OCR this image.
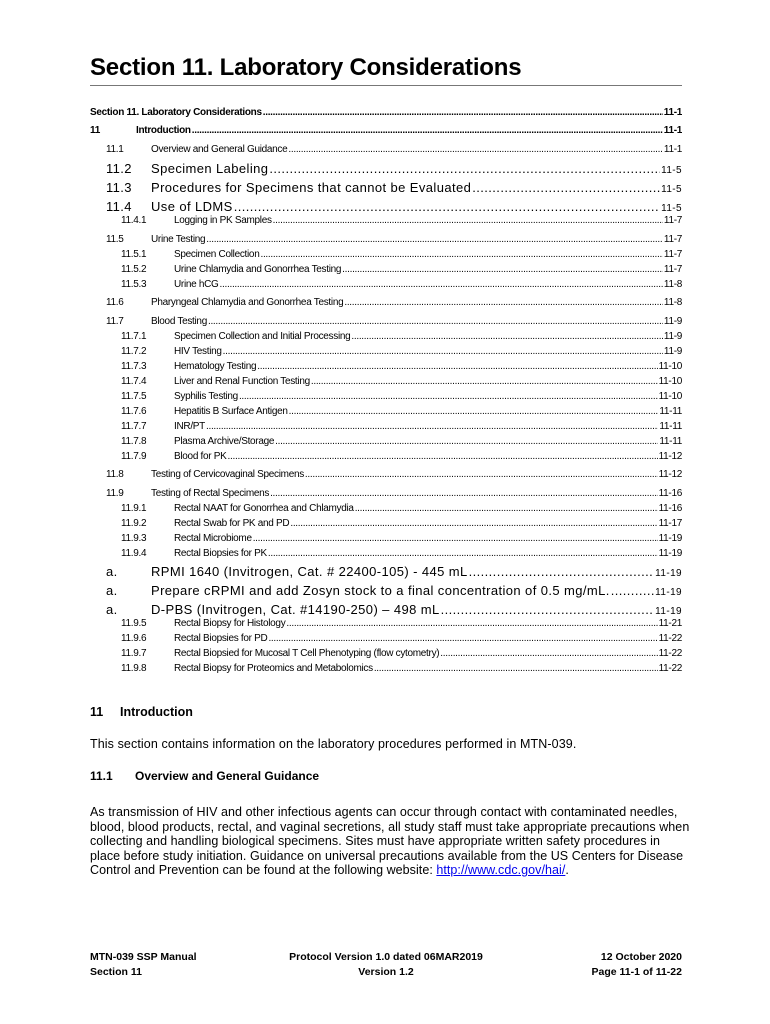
Section 11. Laboratory Considerations
Section 11. Laboratory Considerations .....	11-1
11	Introduction .....	11-1
11.1	Overview and General Guidance .....	11-1
11.2	Specimen Labeling .....	11-5
11.3	Procedures for Specimens that cannot be Evaluated .....	11-5
11.4	Use of LDMS .....	11-5
11.4.1	Logging in PK Samples .....	11-7
11.5	Urine Testing .....	11-7
11.5.1	Specimen Collection .....	11-7
11.5.2	Urine Chlamydia and Gonorrhea Testing .....	11-7
11.5.3	Urine hCG .....	11-8
11.6	Pharyngeal Chlamydia and Gonorrhea Testing .....	11-8
11.7	Blood Testing .....	11-9
11.7.1	Specimen Collection and Initial Processing .....	11-9
11.7.2	HIV Testing .....	11-9
11.7.3	Hematology Testing .....	11-10
11.7.4	Liver and Renal Function Testing .....	11-10
11.7.5	Syphilis Testing .....	11-10
11.7.6	Hepatitis B Surface Antigen .....	11-11
11.7.7	INR/PT .....	11-11
11.7.8	Plasma Archive/Storage .....	11-11
11.7.9	Blood for PK .....	11-12
11.8	Testing of Cervicovaginal Specimens .....	11-12
11.9	Testing of Rectal Specimens .....	11-16
11.9.1	Rectal NAAT for Gonorrhea and Chlamydia .....	11-16
11.9.2	Rectal Swab for PK and PD .....	11-17
11.9.3	Rectal Microbiome .....	11-19
11.9.4	Rectal Biopsies for PK .....	11-19
a.	RPMI 1640 (Invitrogen, Cat. # 22400-105) - 445 mL .....	11-19
a.	Prepare cRPMI and add Zosyn stock to a final concentration of 0.5 mg/mL. .....	11-19
a.	D-PBS (Invitrogen, Cat. #14190-250) – 498 mL .....	11-19
11.9.5	Rectal Biopsy for Histology .....	11-21
11.9.6	Rectal Biopsies for PD .....	11-22
11.9.7	Rectal Biopsied for Mucosal T Cell Phenotyping (flow cytometry) .....	11-22
11.9.8	Rectal Biopsy for Proteomics and Metabolomics .....	11-22
11 Introduction

This section contains information on the laboratory procedures performed in MTN-039.

11.1 Overview and General Guidance

As transmission of HIV and other infectious agents can occur through contact with contaminated needles, blood, blood products, rectal, and vaginal secretions, all study staff must take appropriate precautions when collecting and handling biological specimens. Sites must have appropriate written safety procedures in place before study initiation. Guidance on universal precautions available from the US Centers for Disease Control and Prevention can be found at the following website: http://www.cdc.gov/hai/.

MTN-039 SSP Manual
Section 11
Protocol Version 1.0 dated 06MAR2019
Version 1.2
12 October 2020
Page 11-1 of 11-22
